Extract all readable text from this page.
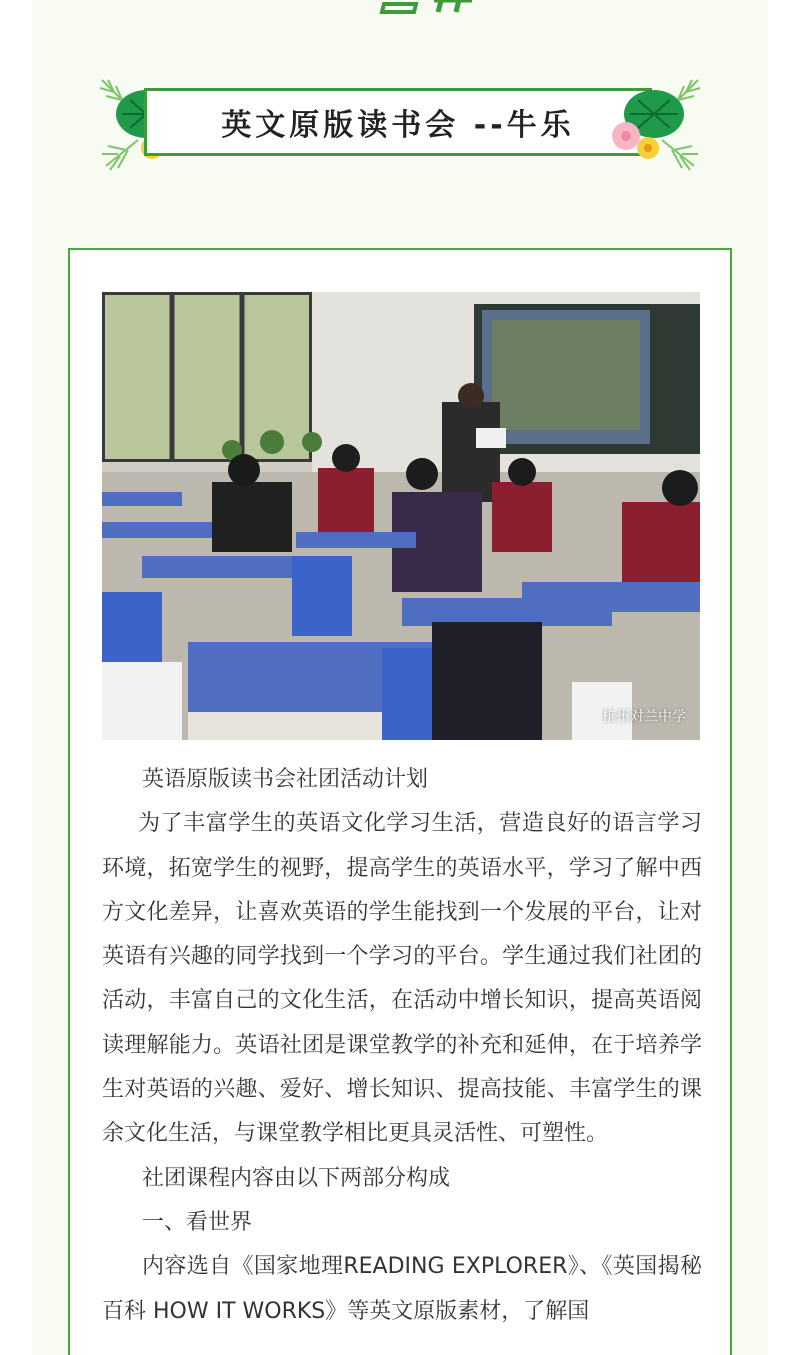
英文原版读书会 --牛乐
杭州对兰中学

英语原版读书会社团活动计划

为了丰富学生的英语文化学习生活，营造良好的语言学习环境，拓宽学生的视野，提高学生的英语水平，学习了解中西方文化差异，让喜欢英语的学生能找到一个发展的平台，让对英语有兴趣的同学找到一个学习的平台。学生通过我们社团的活动，丰富自己的文化生活，在活动中增长知识，提高英语阅读理解能力。英语社团是课堂教学的补充和延伸，在于培养学生对英语的兴趣、爱好、增长知识、提高技能、丰富学生的课余文化生活，与课堂教学相比更具灵活性、可塑性。

社团课程内容由以下两部分构成

一、看世界

内容选自《国家地理READING EXPLORER》、《英国揭秘百科 HOW IT WORKS》等英文原版素材，了解国
